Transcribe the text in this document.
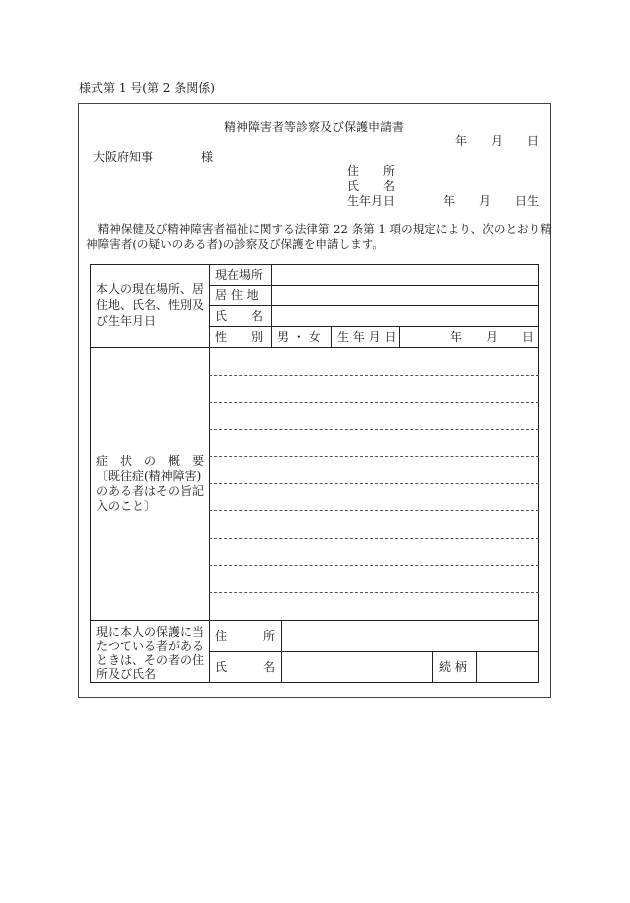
様式第 1 号(第 2 条関係)
精神障害者等診察及び保護申請書
年　　月　　日
大阪府知事　　　　様
住　　所
氏　　名
生年月日　　　　年　　月　　日生
　精神保健及び精神障害者福祉に関する法律第 22 条第 1 項の規定により、次のとおり精
神障害者(の疑いのある者)の診察及び保護を申請します。
本人の現在場所、居
住地、氏名、性別及
び生年月日
現在場所
居 住 地
氏　　名
性　　別	男 ・ 女	生 年 月 日	年　　月　　日
症　状　の　概　要
〔既往症(精神障害)
のある者はその旨記
入のこと〕
現に本人の保護に当
たつている者がある
ときは、その者の住
所及び氏名
住　　　所
氏　　　名	続 柄
